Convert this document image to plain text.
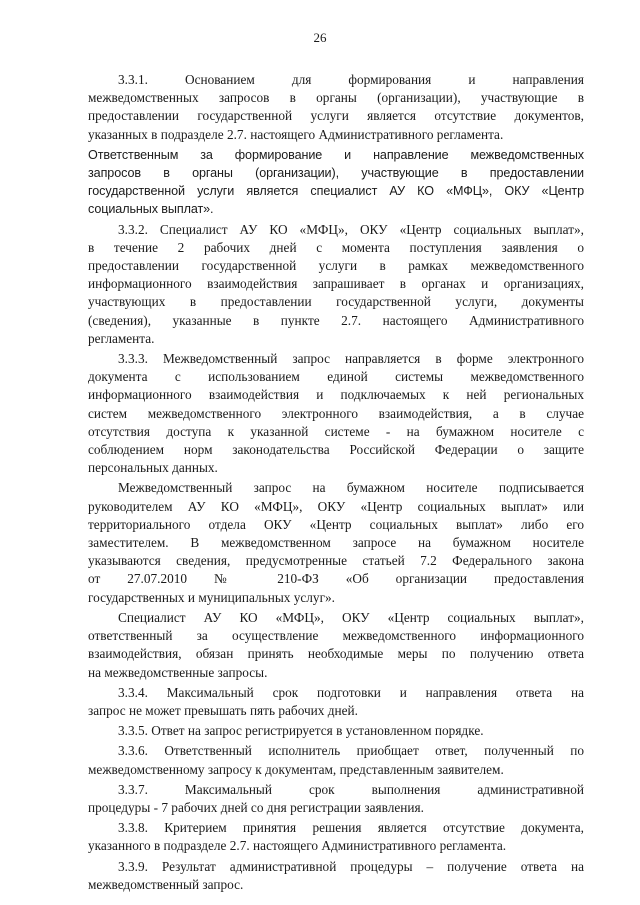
26

3.3.1. Основанием для формирования и направления
межведомственных запросов в органы (организации), участвующие в
предоставлении государственной услуги является отсутствие документов,
указанных в подразделе 2.7. настоящего Административного регламента.

Ответственным за формирование и направление межведомственных
запросов в органы (организации), участвующие в предоставлении
государственной услуги является специалист АУ КО «МФЦ», ОКУ «Центр
социальных выплат».

3.3.2. Специалист АУ КО «МФЦ», ОКУ «Центр социальных выплат»,
в течение 2 рабочих дней с момента поступления заявления о
предоставлении государственной услуги в рамках межведомственного
информационного взаимодействия запрашивает в органах и организациях,
участвующих в предоставлении государственной услуги, документы
(сведения), указанные в пункте 2.7. настоящего Административного
регламента.

3.3.3. Межведомственный запрос направляется в форме электронного
документа с использованием единой системы межведомственного
информационного взаимодействия и подключаемых к ней региональных
систем межведомственного электронного взаимодействия, а в случае
отсутствия доступа к указанной системе - на бумажном носителе с
соблюдением норм законодательства Российской Федерации о защите
персональных данных.

Межведомственный запрос на бумажном носителе подписывается
руководителем АУ КО «МФЦ», ОКУ «Центр социальных выплат» или
территориального отдела ОКУ «Центр социальных выплат» либо его
заместителем. В межведомственном запросе на бумажном носителе
указываются сведения, предусмотренные статьей 7.2 Федерального закона
от 27.07.2010 № 210-ФЗ «Об организации предоставления
государственных и муниципальных услуг».

Специалист АУ КО «МФЦ», ОКУ «Центр социальных выплат»,
ответственный за осуществление межведомственного информационного
взаимодействия, обязан принять необходимые меры по получению ответа
на межведомственные запросы.

3.3.4. Максимальный срок подготовки и направления ответа на
запрос не может превышать пять рабочих дней.

3.3.5. Ответ на запрос регистрируется в установленном порядке.

3.3.6. Ответственный исполнитель приобщает ответ, полученный по
межведомственному запросу к документам, представленным заявителем.

3.3.7. Максимальный срок выполнения административной
процедуры - 7 рабочих дней со дня регистрации заявления.

3.3.8. Критерием принятия решения является отсутствие документа,
указанного в подразделе 2.7. настоящего Административного регламента.

3.3.9. Результат административной процедуры – получение ответа на
межведомственный запрос.
